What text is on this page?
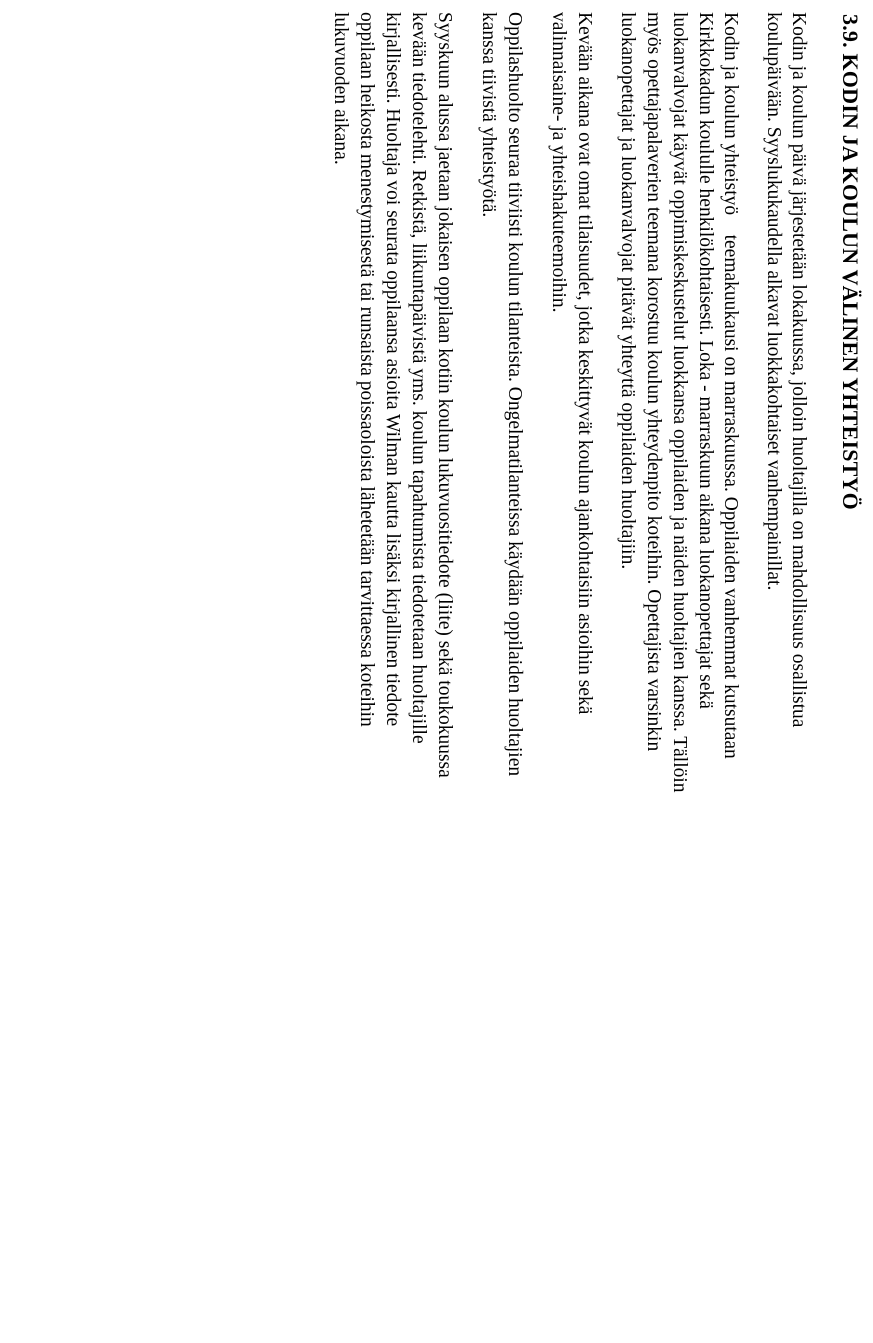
3.9. KODIN JA KOULUN VÄLINEN YHTEISTYÖ
Kodin ja koulun päivä järjestetään lokakuussa, jolloin huoltajilla on mahdollisuus osallistua
koulupäivään. Syyslukukaudella alkavat luokkakohtaiset vanhempainillat.
Kodin ja koulun yhteistyö    teemakuukausi on marraskuussa. Oppilaiden vanhemmat kutsutaan
Kirkkokadun koululle henkilökohtaisesti. Loka - marraskuun aikana luokanopettajat sekä
luokanvalvojat käyvät oppimiskeskustelut luokkansa oppilaiden ja näiden huoltajien kanssa. Tällöin
myös opettajapalaverien teemana korostuu koulun yhteydenpito koteihin. Opettajista varsinkin
luokanopettajat ja luokanvalvojat pitävät yhteyttä oppilaiden huoltajiin.
Kevään aikana ovat omat tilaisuudet, jotka keskittyvät koulun ajankohtaisiin asioihin sekä
valinnaisaine- ja yhteishakuteemoihin.
Oppilashuolto seuraa tiiviisti koulun tilanteista. Ongelmatilanteissa käydään oppilaiden huoltajien
kanssa tiivistä yhteistyötä.
Syyskuun alussa jaetaan jokaisen oppilaan kotiin koulun lukuvuositiedote (liite) sekä toukokuussa
kevään tiedotelehti. Retkistä, liikuntapäivistä yms. koulun tapahtumista tiedotetaan huoltajille
kirjallisesti. Huoltaja voi seurata oppilaansa asioita Wilman kautta lisäksi kirjallinen tiedote
oppilaan heikosta menestymisestä tai runsaista poissaoloista lähetetään tarvittaessa koteihin
lukuvuoden aikana.
